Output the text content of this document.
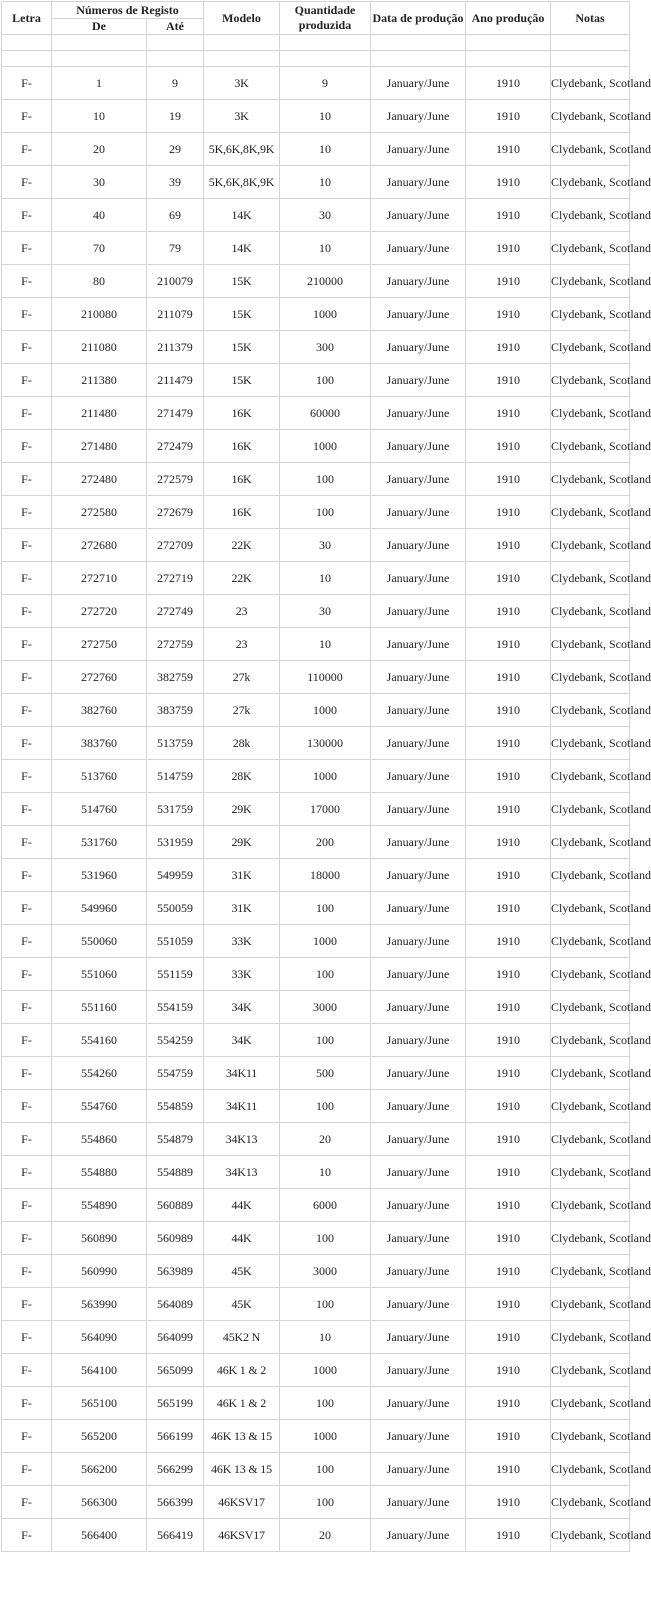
Letra	Números de Registo		Modelo	Quantidade produzida	Data de produção	Ano produção	Notas
	De	Até					

F-	1	9	3K	9	January/June	1910	Clydebank, Scotland
F-	10	19	3K	10	January/June	1910	Clydebank, Scotland
F-	20	29	5K,6K,8K,9K	10	January/June	1910	Clydebank, Scotland
F-	30	39	5K,6K,8K,9K	10	January/June	1910	Clydebank, Scotland
F-	40	69	14K	30	January/June	1910	Clydebank, Scotland
F-	70	79	14K	10	January/June	1910	Clydebank, Scotland
F-	80	210079	15K	210000	January/June	1910	Clydebank, Scotland
F-	210080	211079	15K	1000	January/June	1910	Clydebank, Scotland
F-	211080	211379	15K	300	January/June	1910	Clydebank, Scotland
F-	211380	211479	15K	100	January/June	1910	Clydebank, Scotland
F-	211480	271479	16K	60000	January/June	1910	Clydebank, Scotland
F-	271480	272479	16K	1000	January/June	1910	Clydebank, Scotland
F-	272480	272579	16K	100	January/June	1910	Clydebank, Scotland
F-	272580	272679	16K	100	January/June	1910	Clydebank, Scotland
F-	272680	272709	22K	30	January/June	1910	Clydebank, Scotland
F-	272710	272719	22K	10	January/June	1910	Clydebank, Scotland
F-	272720	272749	23	30	January/June	1910	Clydebank, Scotland
F-	272750	272759	23	10	January/June	1910	Clydebank, Scotland
F-	272760	382759	27k	110000	January/June	1910	Clydebank, Scotland
F-	382760	383759	27k	1000	January/June	1910	Clydebank, Scotland
F-	383760	513759	28k	130000	January/June	1910	Clydebank, Scotland
F-	513760	514759	28K	1000	January/June	1910	Clydebank, Scotland
F-	514760	531759	29K	17000	January/June	1910	Clydebank, Scotland
F-	531760	531959	29K	200	January/June	1910	Clydebank, Scotland
F-	531960	549959	31K	18000	January/June	1910	Clydebank, Scotland
F-	549960	550059	31K	100	January/June	1910	Clydebank, Scotland
F-	550060	551059	33K	1000	January/June	1910	Clydebank, Scotland
F-	551060	551159	33K	100	January/June	1910	Clydebank, Scotland
F-	551160	554159	34K	3000	January/June	1910	Clydebank, Scotland
F-	554160	554259	34K	100	January/June	1910	Clydebank, Scotland
F-	554260	554759	34K11	500	January/June	1910	Clydebank, Scotland
F-	554760	554859	34K11	100	January/June	1910	Clydebank, Scotland
F-	554860	554879	34K13	20	January/June	1910	Clydebank, Scotland
F-	554880	554889	34K13	10	January/June	1910	Clydebank, Scotland
F-	554890	560889	44K	6000	January/June	1910	Clydebank, Scotland
F-	560890	560989	44K	100	January/June	1910	Clydebank, Scotland
F-	560990	563989	45K	3000	January/June	1910	Clydebank, Scotland
F-	563990	564089	45K	100	January/June	1910	Clydebank, Scotland
F-	564090	564099	45K2 N	10	January/June	1910	Clydebank, Scotland
F-	564100	565099	46K 1 & 2	1000	January/June	1910	Clydebank, Scotland
F-	565100	565199	46K 1 & 2	100	January/June	1910	Clydebank, Scotland
F-	565200	566199	46K 13 & 15	1000	January/June	1910	Clydebank, Scotland
F-	566200	566299	46K 13 & 15	100	January/June	1910	Clydebank, Scotland
F-	566300	566399	46KSV17	100	January/June	1910	Clydebank, Scotland
F-	566400	566419	46KSV17	20	January/June	1910	Clydebank, Scotland
